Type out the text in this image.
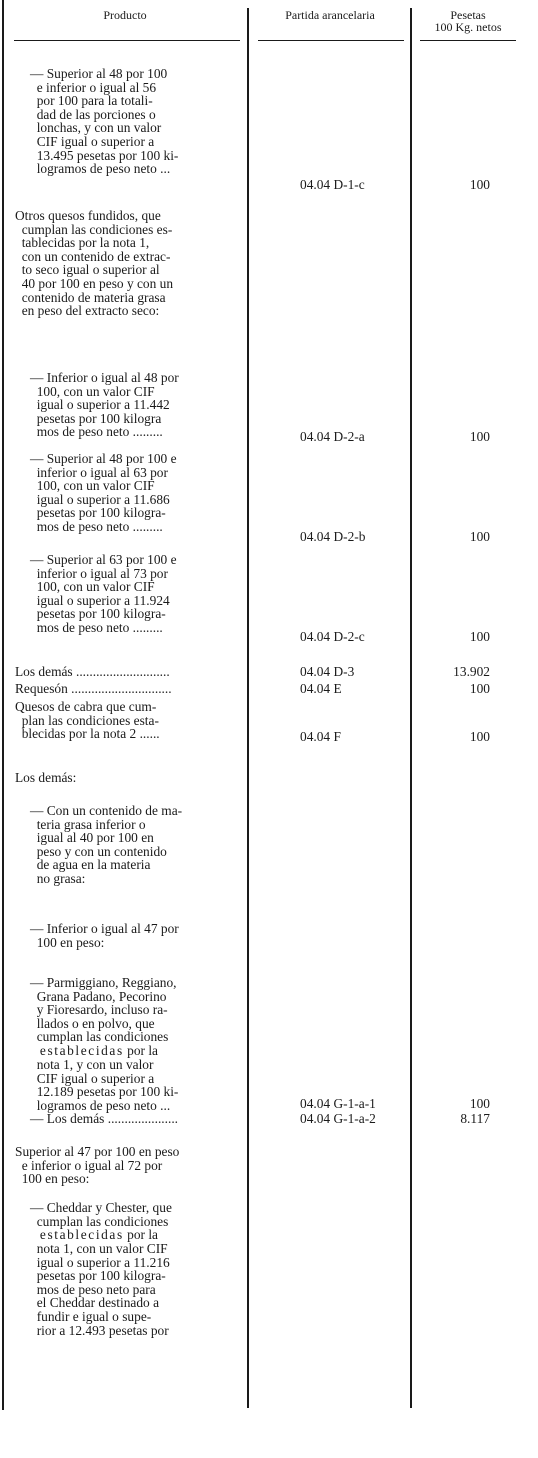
Producto	Partida arancelaria	Pesetas
100 Kg. netos
— Superior al 48 por 100
e inferior o igual al 56
por 100 para la totali-
dad de las porciones o
lonchas, y con un valor
CIF igual o superior a
13.495 pesetas por 100 ki-
logramos de peso neto ...
Otros quesos fundidos, que
cumplan las condiciones es-
tablecidas por la nota 1,
con un contenido de extrac-
to seco igual o superior al
40 por 100 en peso y con un
contenido de materia grasa
en peso del extracto seco:
— Inferior o igual al 48 por
100, con un valor CIF
igual o superior a 11.442
pesetas por 100 kilogra
mos de peso neto .........
— Superior al 48 por 100 e
inferior o igual al 63 por
100, con un valor CIF
igual o superior a 11.686
pesetas por 100 kilogra-
mos de peso neto .........
— Superior al 63 por 100 e
inferior o igual al 73 por
100, con un valor CIF
igual o superior a 11.924
pesetas por 100 kilogra-
mos de peso neto .........
Los demás ............................
Requesón ..............................
Quesos de cabra que cum-
plan las condiciones esta-
blecidas por la nota 2 ......
Los demás:
— Con un contenido de ma-
teria grasa inferior o
igual al 40 por 100 en
peso y con un contenido
de agua en la materia
no grasa:
— Inferior o igual al 47 por
100 en peso:
— Parmiggiano, Reggiano,
Grana Padano, Pecorino
y Fioresardo, incluso ra-
llados o en polvo, que
cumplan las condiciones
establecidas por la
nota 1, y con un valor
CIF igual o superior a
12.189 pesetas por 100 ki-
logramos de peso neto ...
— Los demás .....................
Superior al 47 por 100 en peso
e inferior o igual al 72 por
100 en peso:
— Cheddar y Chester, que
cumplan las condiciones
establecidas por la
nota 1, con un valor CIF
igual o superior a 11.216
pesetas por 100 kilogra-
mos de peso neto para
el Cheddar destinado a
fundir e igual o supe-
rior a 12.493 pesetas por
04.04 D-1-c
04.04 D-2-a
04.04 D-2-b
04.04 D-2-c
04.04 D-3
04.04 E
04.04 F
04.04 G-1-a-1
04.04 G-1-a-2
100
100
100
100
13.902
100
100
100
8.117
